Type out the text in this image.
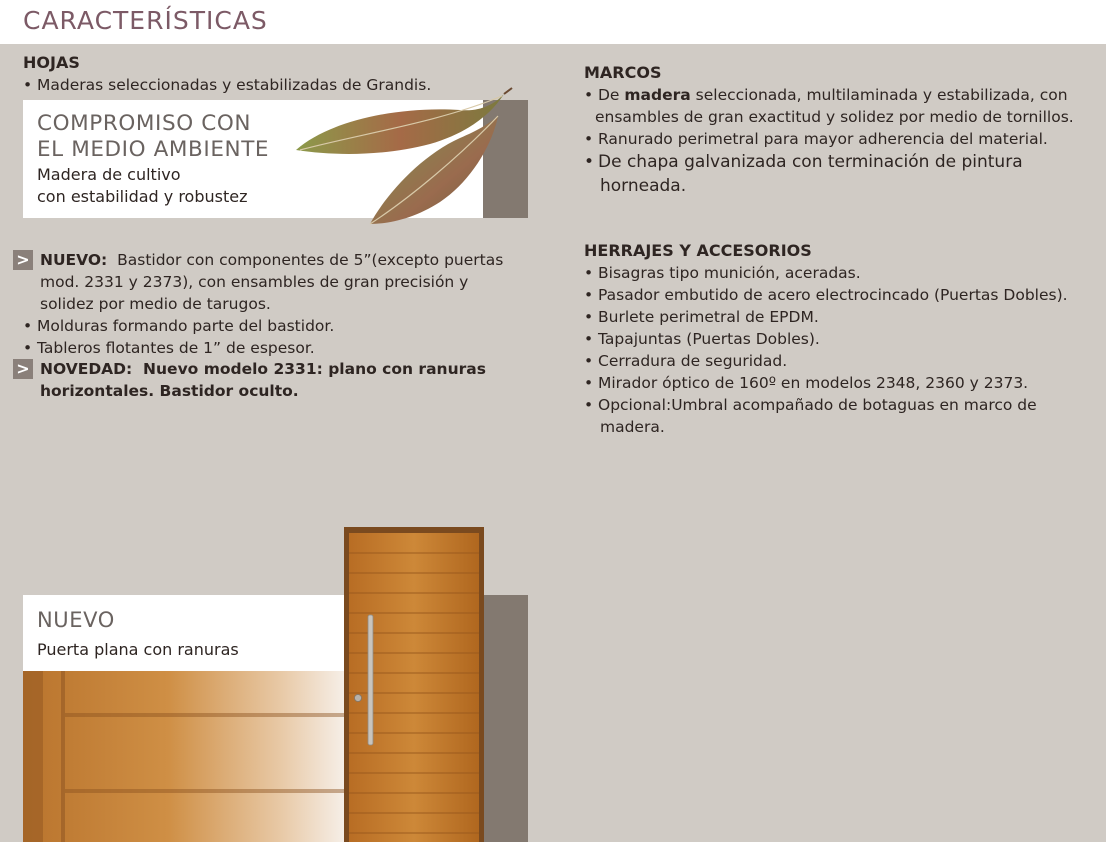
CARACTERÍSTICAS
HOJAS
• Maderas seleccionadas y estabilizadas de Grandis.
COMPROMISO CON
EL MEDIO AMBIENTE
Madera de cultivo
con estabilidad y robustez
> NUEVO: Bastidor con componentes de 5”(excepto puertas
mod. 2331 y 2373), con ensambles de gran precisión y
solidez por medio de tarugos.
• Molduras formando parte del bastidor.
• Tableros flotantes de 1” de espesor.
> NOVEDAD: Nuevo modelo 2331: plano con ranuras
horizontales. Bastidor oculto.
MARCOS
• De madera seleccionada, multilaminada y estabilizada, con
ensambles de gran exactitud y solidez por medio de tornillos.
• Ranurado perimetral para mayor adherencia del material.
• De chapa galvanizada con terminación de pintura
horneada.
HERRAJES Y ACCESORIOS
• Bisagras tipo munición, aceradas.
• Pasador embutido de acero electrocincado (Puertas Dobles).
• Burlete perimetral de EPDM.
• Tapajuntas (Puertas Dobles).
• Cerradura de seguridad.
• Mirador óptico de 160º en modelos 2348, 2360 y 2373.
• Opcional:Umbral acompañado de botaguas en marco de
madera.
NUEVO
Puerta plana con ranuras
